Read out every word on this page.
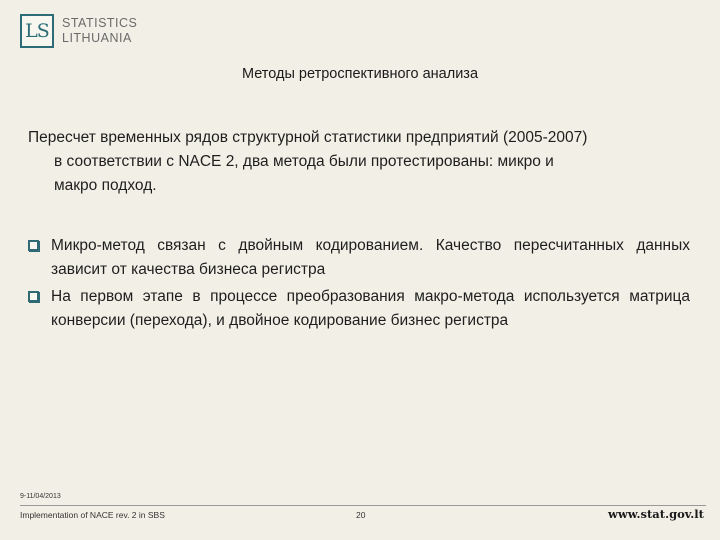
LS	STATISTICS
LITHUANIA
Методы ретроспективного анализа
Пересчет временных рядов структурной статистики предприятий (2005-2007)
в соответствии с NACE 2, два метода были протестированы: микро и
макро подход.
Микро-метод связан с двойным кодированием. Качество пересчитанных данных зависит от качества бизнеса регистра
На первом этапе в процессе преобразования макро-метода используется матрица конверсии (перехода), и двойное кодирование бизнес регистра
9-11/04/2013
Implementation of NACE rev. 2 in SBS	20	www.stat.gov.lt
